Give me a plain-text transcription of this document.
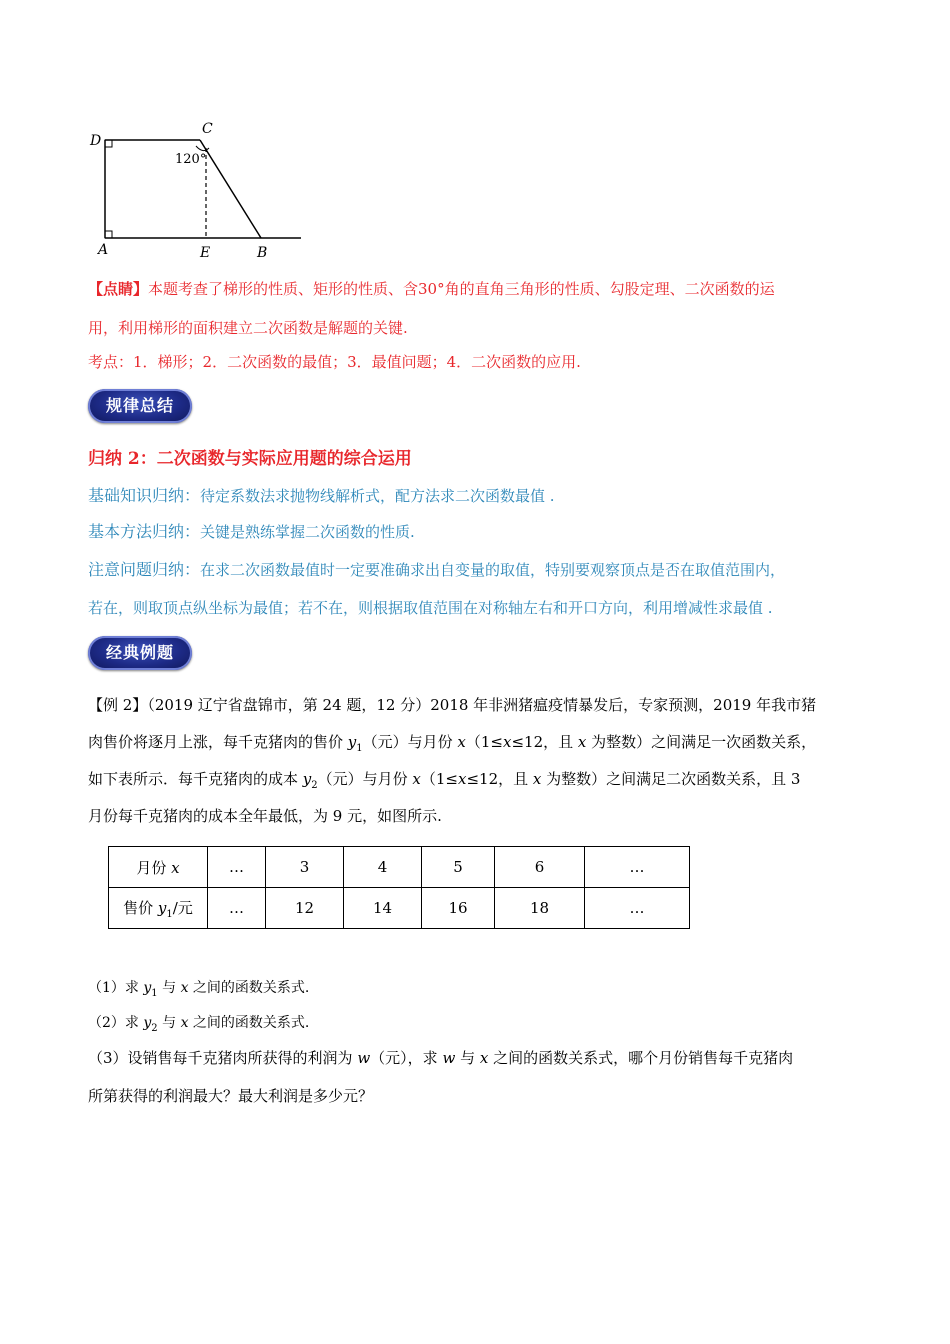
D
C
120°
A	E	B
【点睛】本题考查了梯形的性质、矩形的性质、含30°角的直角三角形的性质、勾股定理、二次函数的运
用，利用梯形的面积建立二次函数是解题的关键.
考点：1．梯形；2．二次函数的最值；3．最值问题；4．二次函数的应用.
规律总结
归纳 2：二次函数与实际应用题的综合运用
基础知识归纳：待定系数法求抛物线解析式，配方法求二次函数最值 .
基本方法归纳：关键是熟练掌握二次函数的性质.
注意问题归纳：在求二次函数最值时一定要准确求出自变量的取值，特别要观察顶点是否在取值范围内，
若在，则取顶点纵坐标为最值；若不在，则根据取值范围在对称轴左右和开口方向，利用增减性求最值 .
经典例题
【例 2】（2019 辽宁省盘锦市，第 24 题，12 分）2018 年非洲猪瘟疫情暴发后，专家预测，2019 年我市猪
肉售价将逐月上涨，每千克猪肉的售价 $y_1$（元）与月份 x（1≤x≤12，且 x 为整数）之间满足一次函数关系，
如下表所示．每千克猪肉的成本 $y_2$（元）与月份 x（1≤x≤12，且 x 为整数）之间满足二次函数关系，且 3
月份每千克猪肉的成本全年最低，为 9 元，如图所示.
月份 x	…	3	4	5	6	…
售价 $y_1/$元	…	12	14	16	18	…
（1）求 $y_1$ 与 x 之间的函数关系式.
（2）求 $y_2$ 与 x 之间的函数关系式.
（3）设销售每千克猪肉所获得的利润为 w（元），求 w 与 x 之间的函数关系式，哪个月份销售每千克猪肉
所第获得的利润最大？最大利润是多少元？
